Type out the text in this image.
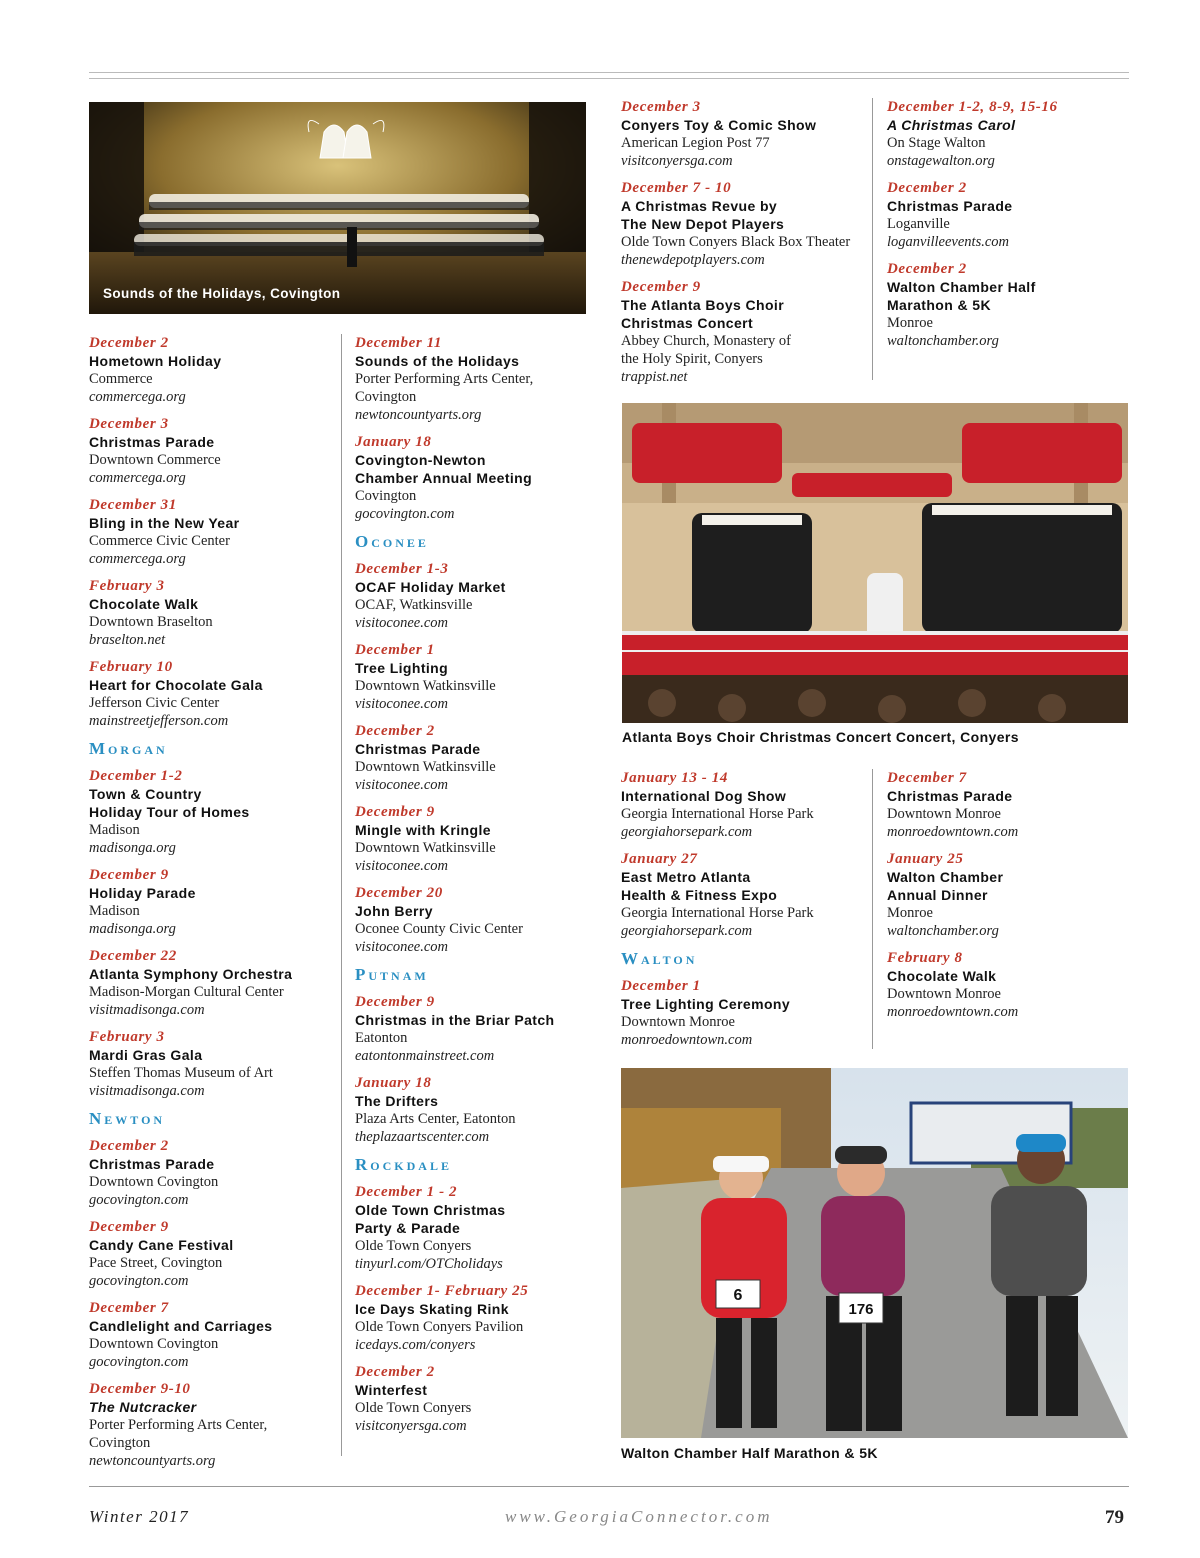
Sounds of the Holidays, Covington
December 2
Hometown Holiday
Commerce
commercega.org
December 3
Christmas Parade
Downtown Commerce
commercega.org
December 31
Bling in the New Year
Commerce Civic Center
commercega.org
February 3
Chocolate Walk
Downtown Braselton
braselton.net
February 10
Heart for Chocolate Gala
Jefferson Civic Center
mainstreetjefferson.com
Morgan
December 1-2
Town & Country
Holiday Tour of Homes
Madison
madisonga.org
December 9
Holiday Parade
Madison
madisonga.org
December 22
Atlanta Symphony Orchestra
Madison-Morgan Cultural Center
visitmadisonga.com
February 3
Mardi Gras Gala
Steffen Thomas Museum of Art
visitmadisonga.com
Newton
December 2
Christmas Parade
Downtown Covington
gocovington.com
December 9
Candy Cane Festival
Pace Street, Covington
gocovington.com
December 7
Candlelight and Carriages
Downtown Covington
gocovington.com
December 9-10
The Nutcracker
Porter Performing Arts Center,
Covington
newtoncountyarts.org
December 11
Sounds of the Holidays
Porter Performing Arts Center,
Covington
newtoncountyarts.org
January 18
Covington-Newton
Chamber Annual Meeting
Covington
gocovington.com
Oconee
December 1-3
OCAF Holiday Market
OCAF, Watkinsville
visitoconee.com
December 1
Tree Lighting
Downtown Watkinsville
visitoconee.com
December 2
Christmas Parade
Downtown Watkinsville
visitoconee.com
December 9
Mingle with Kringle
Downtown Watkinsville
visitoconee.com
December 20
John Berry
Oconee County Civic Center
visitoconee.com
Putnam
December 9
Christmas in the Briar Patch
Eatonton
eatontonmainstreet.com
January 18
The Drifters
Plaza Arts Center, Eatonton
theplazaartscenter.com
Rockdale
December 1 - 2
Olde Town Christmas
Party & Parade
Olde Town Conyers
tinyurl.com/OTCholidays
December 1- February 25
Ice Days Skating Rink
Olde Town Conyers Pavilion
icedays.com/conyers
December 2
Winterfest
Olde Town Conyers
visitconyersga.com
December 3
Conyers Toy & Comic Show
American Legion Post 77
visitconyersga.com
December 7 - 10
A Christmas Revue by
The New Depot Players
Olde Town Conyers Black Box Theater
thenewdepotplayers.com
December 9
The Atlanta Boys Choir
Christmas Concert
Abbey Church, Monastery of
the Holy Spirit, Conyers
trappist.net
December 1-2, 8-9, 15-16
A Christmas Carol
On Stage Walton
onstagewalton.org
December 2
Christmas Parade
Loganville
loganvilleevents.com
December 2
Walton Chamber Half
Marathon & 5K
Monroe
waltonchamber.org
Atlanta Boys Choir Christmas Concert Concert, Conyers
January 13 - 14
International Dog Show
Georgia International Horse Park
georgiahorsepark.com
January 27
East Metro Atlanta
Health & Fitness Expo
Georgia International Horse Park
georgiahorsepark.com
Walton
December 1
Tree Lighting Ceremony
Downtown Monroe
monroedowntown.com
December 7
Christmas Parade
Downtown Monroe
monroedowntown.com
January 25
Walton Chamber
Annual Dinner
Monroe
waltonchamber.org
February 8
Chocolate Walk
Downtown Monroe
monroedowntown.com
6
176
Walton Chamber Half Marathon & 5K
Winter 2017	www.GeorgiaConnector.com	79
